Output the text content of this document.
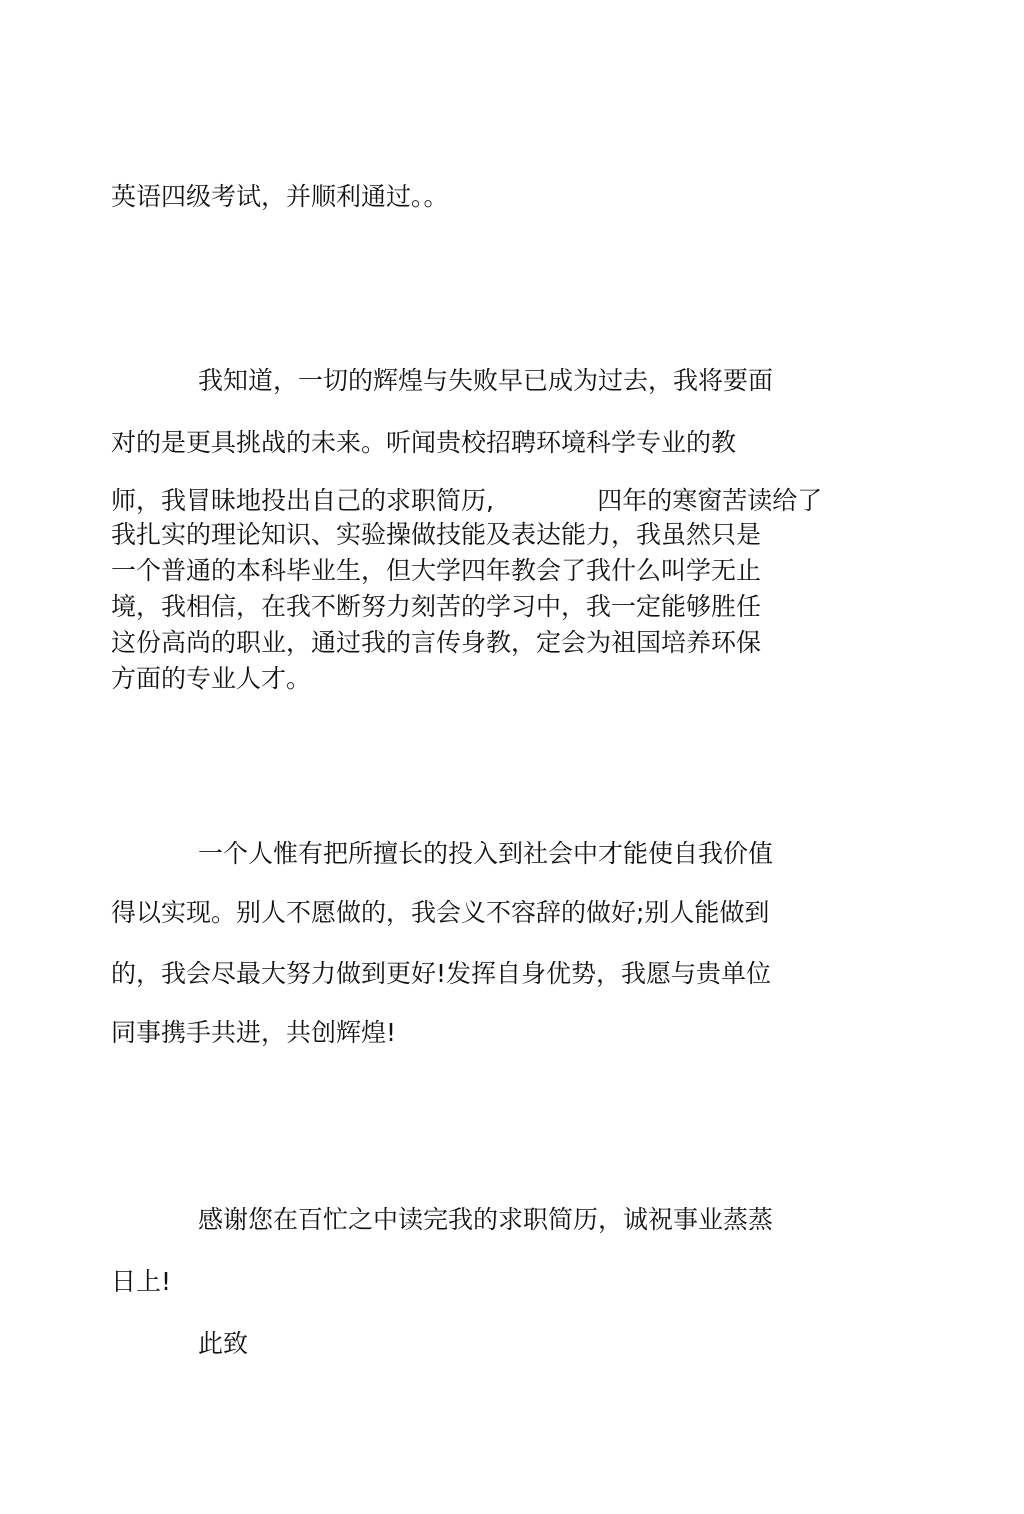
英语四级考试，并顺利通过。。

我知道，一切的辉煌与失败早已成为过去，我将要面

对的是更具挑战的未来。听闻贵校招聘环境科学专业的教

师，我冒昧地投出自己的求职简历,             四年的寒窗苦读给了

我扎实的理论知识、实验操做技能及表达能力，我虽然只是

一个普通的本科毕业生，但大学四年教会了我什么叫学无止

境，我相信，在我不断努力刻苦的学习中，我一定能够胜任

这份高尚的职业，通过我的言传身教，定会为祖国培养环保

方面的专业人才。

一个人惟有把所擅长的投入到社会中才能使自我价值

得以实现。别人不愿做的，我会义不容辞的做好;别人能做到

的，我会尽最大努力做到更好!发挥自身优势，我愿与贵单位

同事携手共进，共创辉煌!

感谢您在百忙之中读完我的求职简历，诚祝事业蒸蒸

日上!

此致
